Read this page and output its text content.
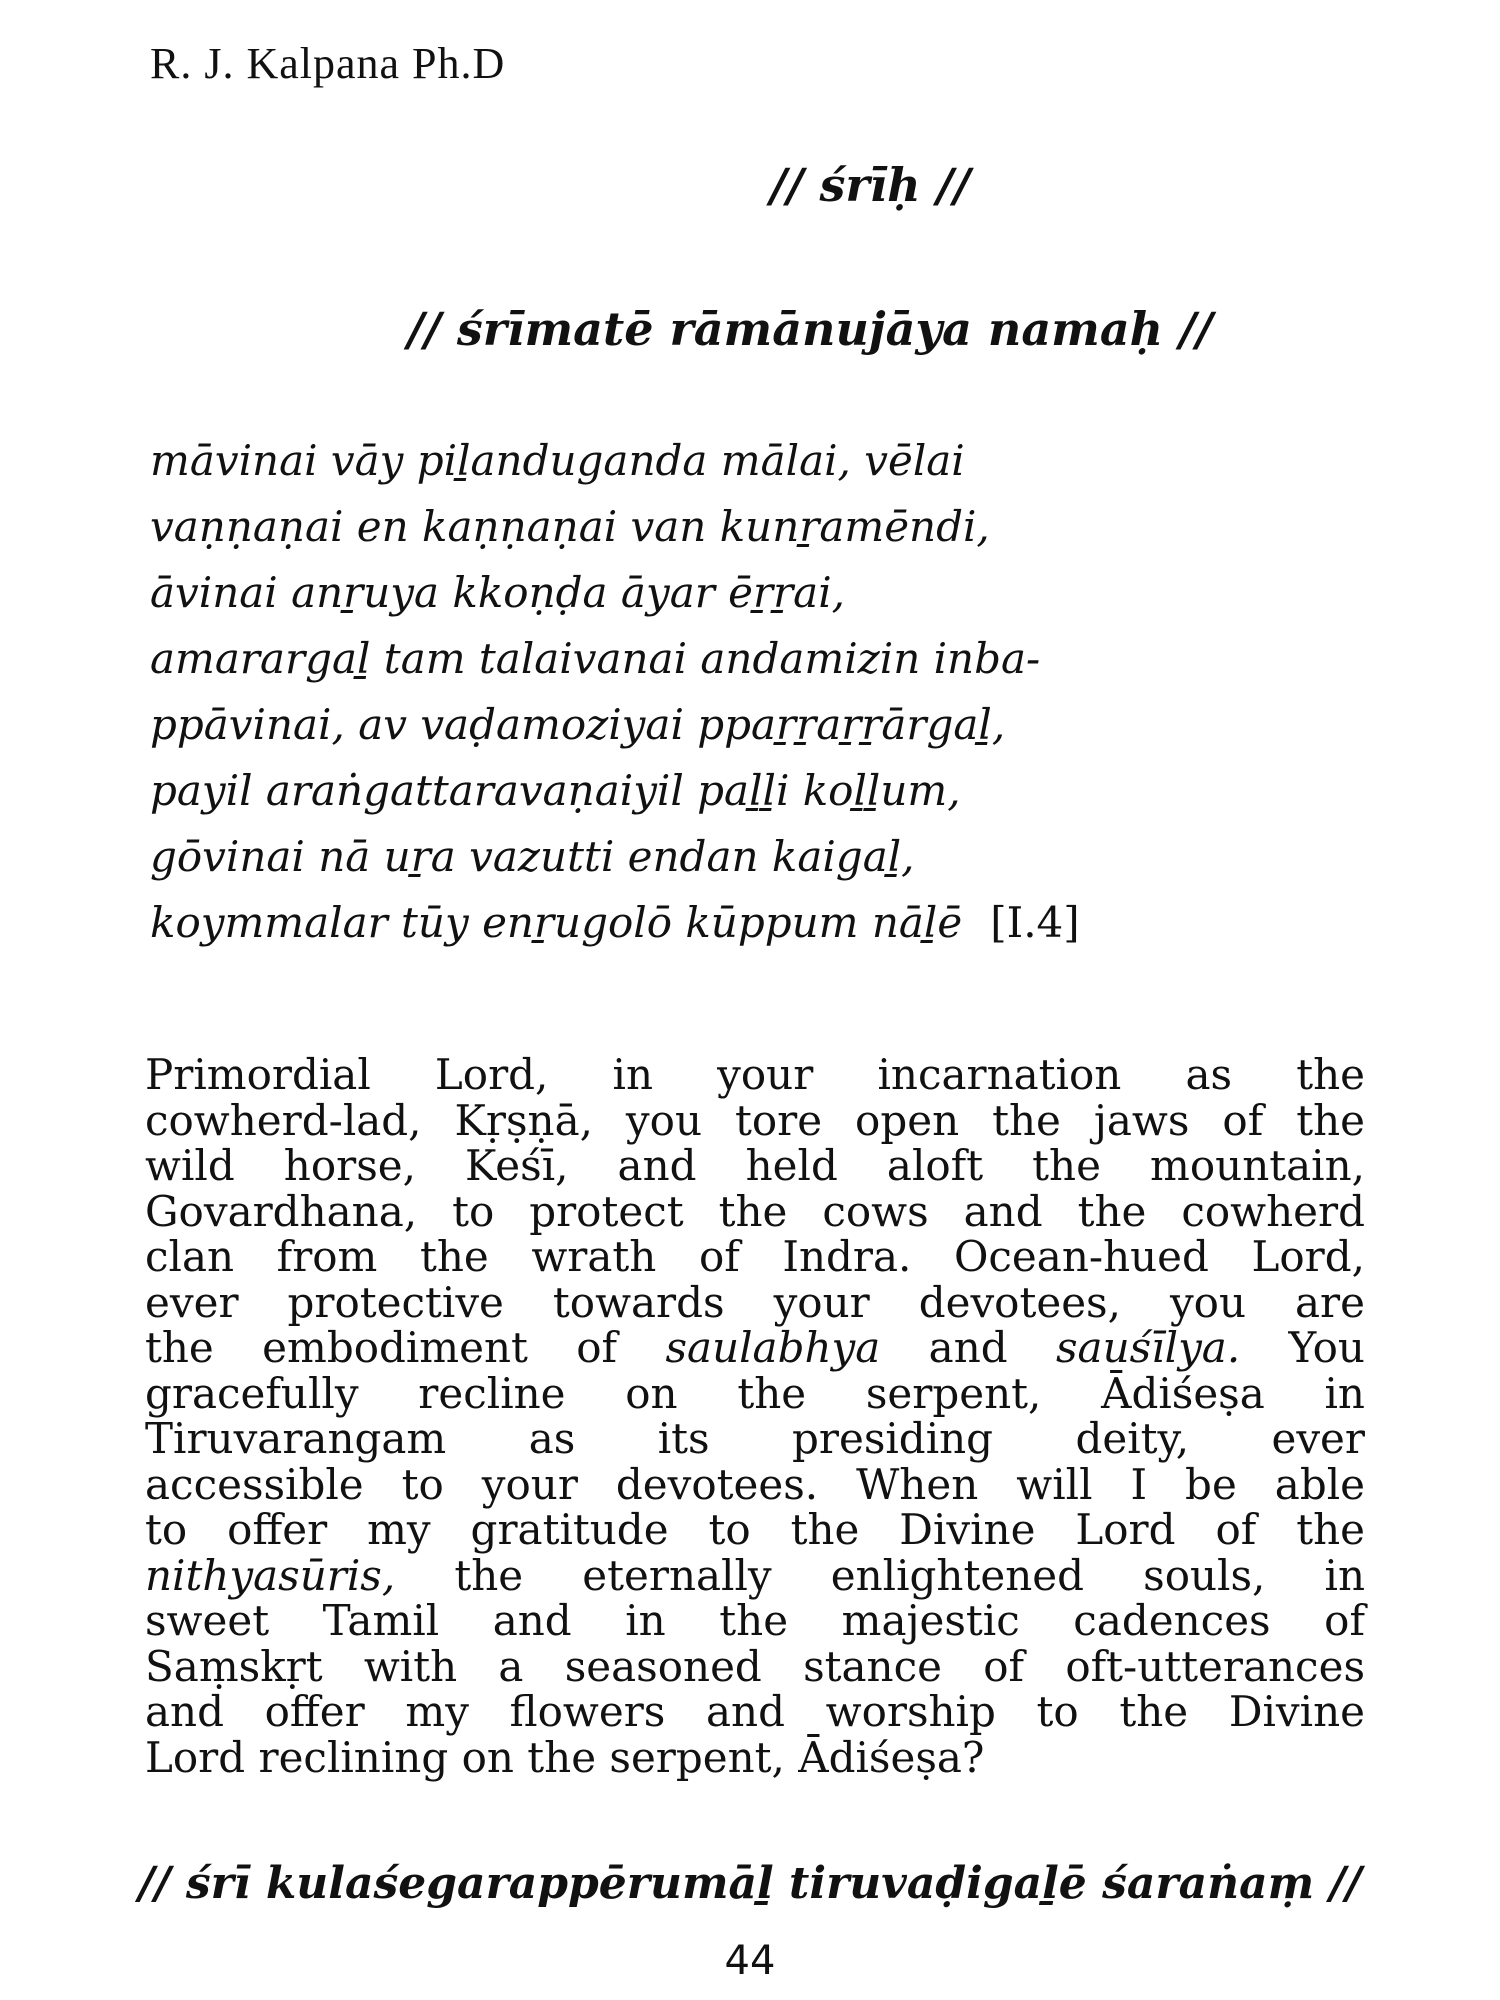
R. J. Kalpana Ph.D
// śrīḥ //
// śrīmatē rāmānujāya namaḥ //
māvinai vāy piḻanduganda mālai, vēlai
vaṇṇaṇai en kaṇṇaṇai van kunṟamēndi,
āvinai anṟuya kkoṇḍa āyar ēṟṟai,
amarargaḻ tam talaivanai andamizin inba-
ppāvinai, av vaḍamoziyai ppaṟṟaṟṟārgaḻ,
payil araṅgattaravaṇaiyil paḻḻi koḻḻum,
gōvinai nā uṟa vazutti endan kaigaḻ,
koymmalar tūy enṟugolō kūppum nāḻē [I.4]
Primordial Lord, in your incarnation as the
cowherd-lad, Kṛṣṇā, you tore open the jaws of the
wild horse, Keśī, and held aloft the mountain,
Govardhana, to protect the cows and the cowherd
clan from the wrath of Indra. Ocean-hued Lord,
ever protective towards your devotees, you are
the embodiment of saulabhya and sauśīlya. You
gracefully recline on the serpent, Ādiśeṣa in
Tiruvarangam as its presiding deity, ever
accessible to your devotees. When will I be able
to offer my gratitude to the Divine Lord of the
nithyasūris, the eternally enlightened souls, in
sweet Tamil and in the majestic cadences of
Saṃskṛt with a seasoned stance of oft-utterances
and offer my flowers and worship to the Divine
Lord reclining on the serpent, Ādiśeṣa?
// śrī kulaśegarappērumāḻ tiruvaḍigaḻē śaraṅaṃ //
44
